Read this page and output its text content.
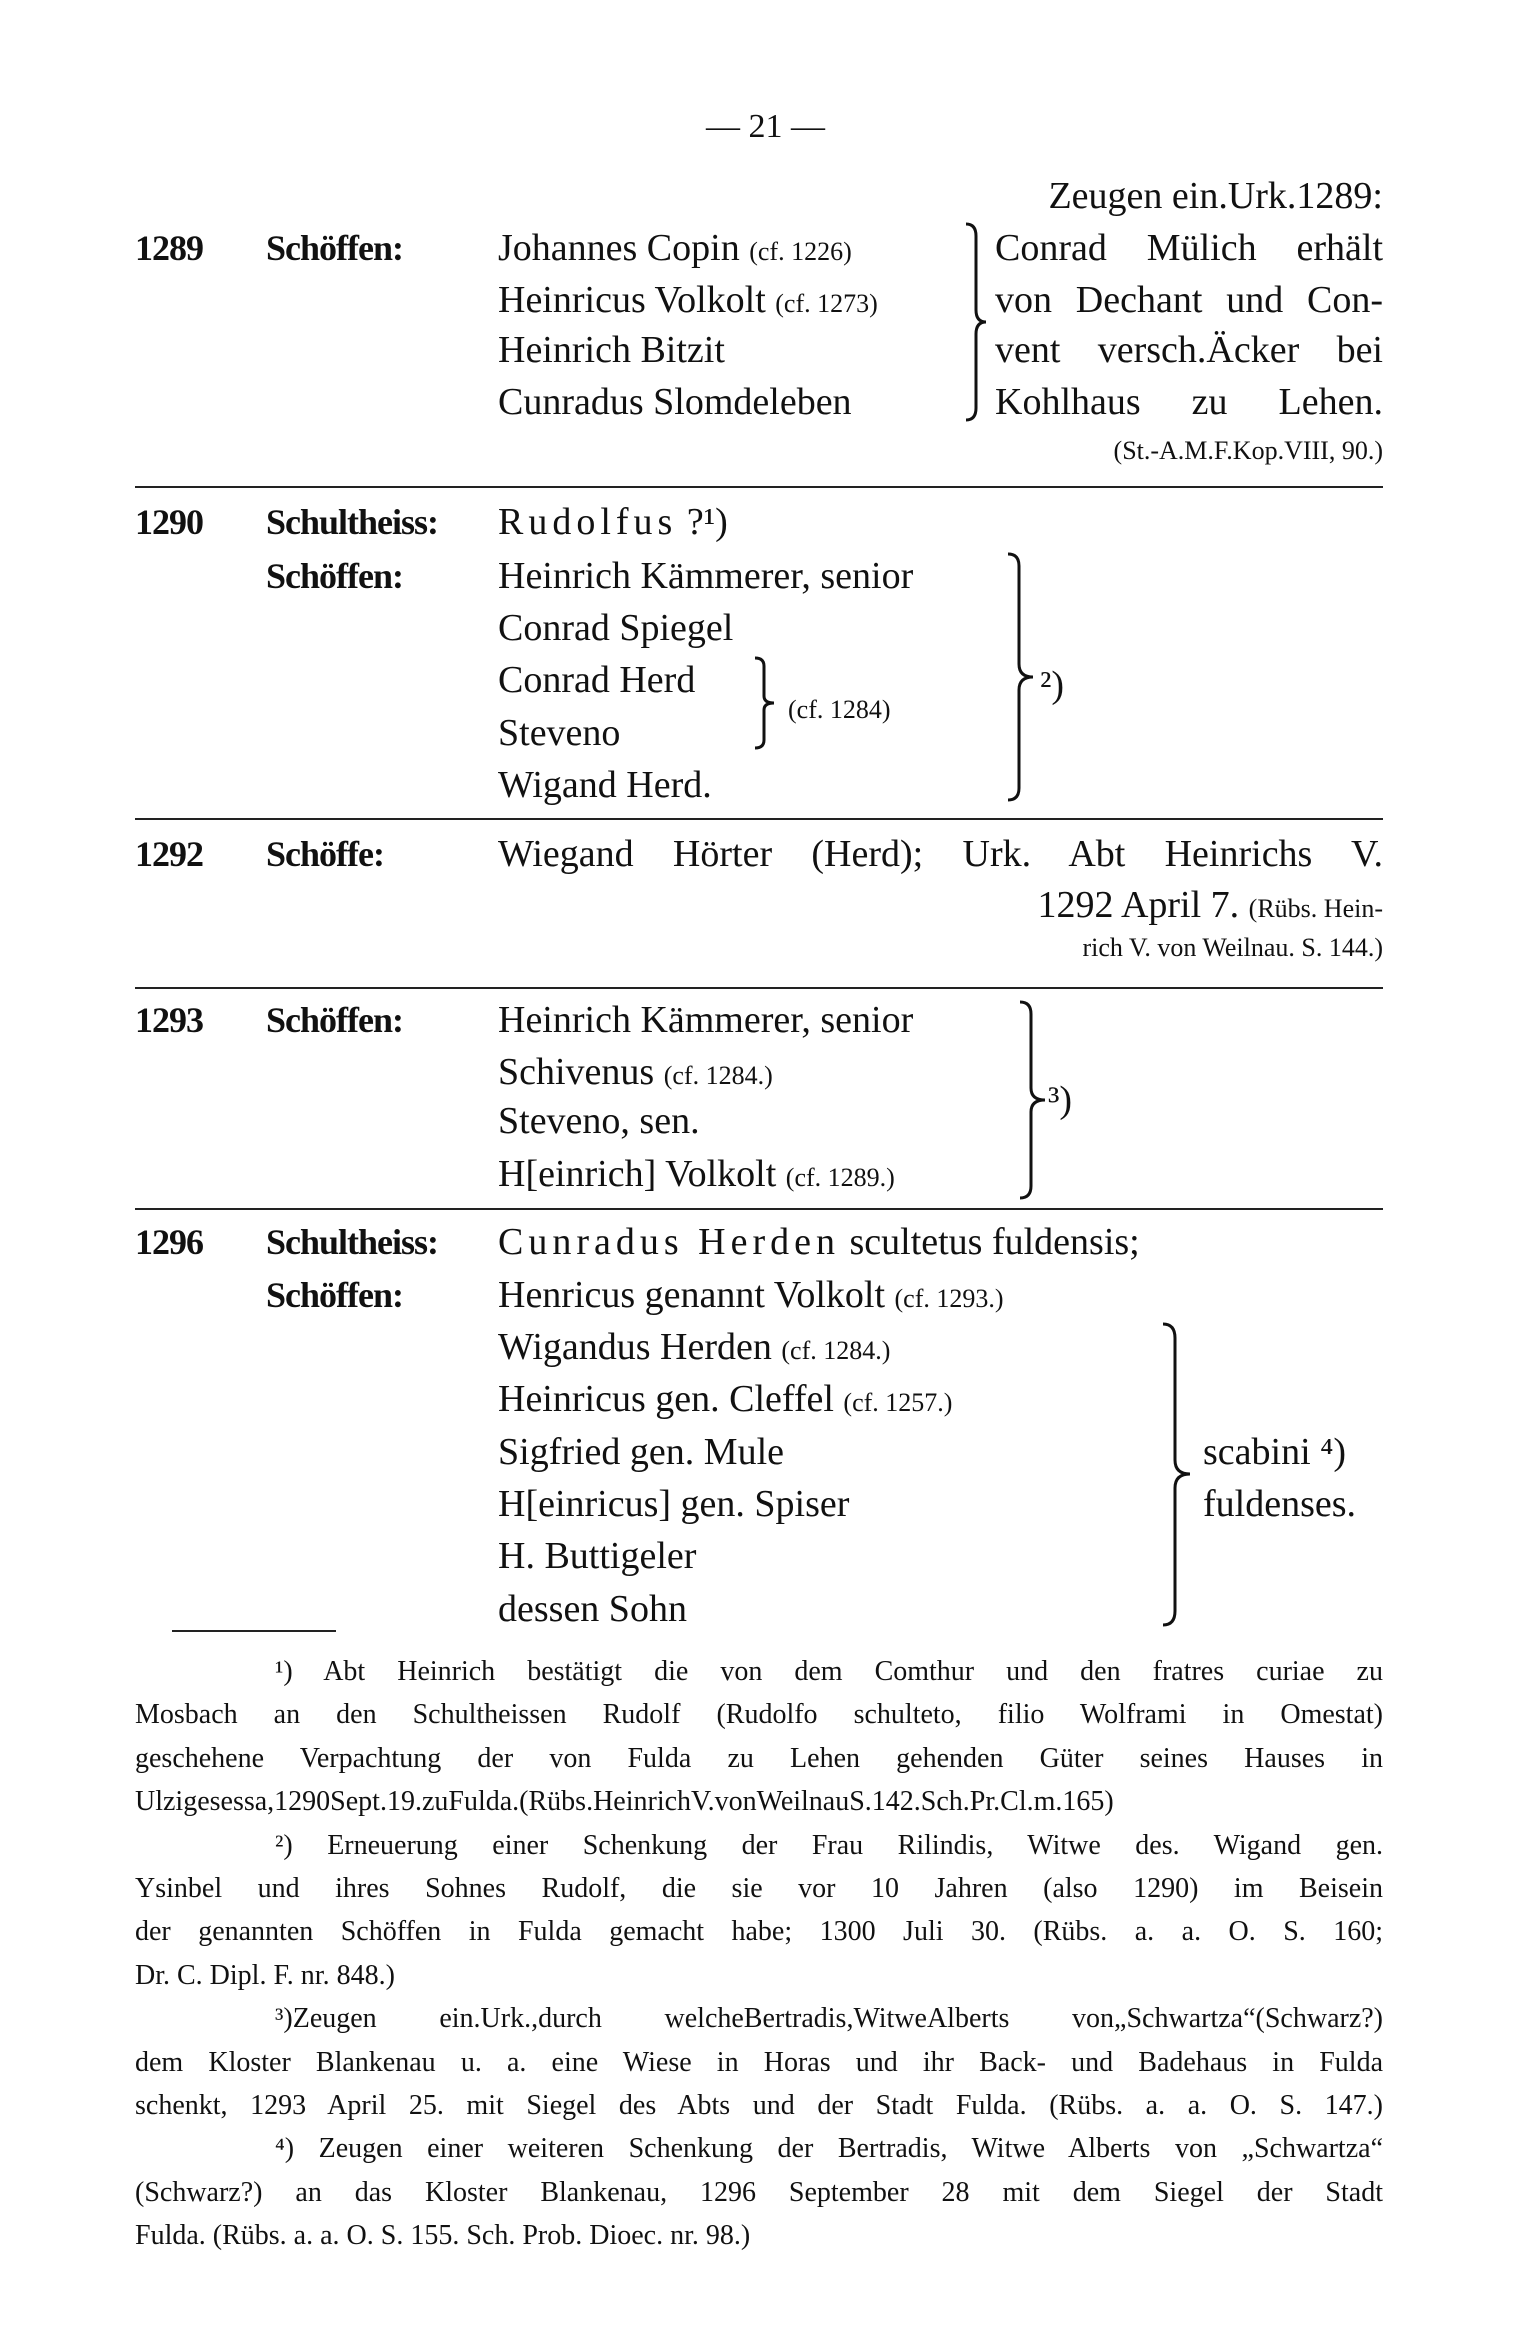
— 21 —
1289 Schöffen:	Johannes Copin (cf. 1226)
Heinricus Volkolt (cf. 1273)
Heinrich Bitzit
Cunradus Slomdeleben
Zeugen ein.Urk.1289:
Conrad Mülich erhält
von Dechant und Con-
vent versch.Äcker bei
Kohlhaus zu Lehen.
(St.-A.M.F.Kop.VIII, 90.)
1290 Schultheiss: Rudolfus ?¹)
Schöffen:	Heinrich Kämmerer, senior
Conrad Spiegel
Conrad Herd
Steveno
Wigand Herd.
(cf. 1284)
²)
1292 Schöffe:	Wiegand Hörter (Herd); Urk. Abt Heinrichs V.
1292 April 7. (Rübs. Hein-
rich V. von Weilnau. S. 144.)
1293 Schöffen:	Heinrich Kämmerer, senior
Schivenus (cf. 1284.)
Steveno, sen.
H[einrich] Volkolt (cf. 1289.)
³)
1296 Schultheiss: Cunradus Herden scultetus fuldensis;
Schöffen:	Henricus genannt Volkolt (cf. 1293.)
Wigandus Herden (cf. 1284.)
Heinricus gen. Cleffel (cf. 1257.)
Sigfried gen. Mule
H[einricus] gen. Spiser
H. Buttigeler
dessen Sohn
scabini ⁴)
fuldenses.
¹) Abt Heinrich bestätigt die von dem Comthur und den fratres curiae zu
Mosbach an den Schultheissen Rudolf (Rudolfo schulteto, filio Wolframi in Omestat)
geschehene Verpachtung der von Fulda zu Lehen gehenden Güter seines Hauses in
Ulzigesessa,1290Sept.19.zuFulda.(Rübs.HeinrichV.vonWeilnauS.142.Sch.Pr.Cl.m.165)
²) Erneuerung einer Schenkung der Frau Rilindis, Witwe des. Wigand gen.
Ysinbel und ihres Sohnes Rudolf, die sie vor 10 Jahren (also 1290) im Beisein
der genannten Schöffen in Fulda gemacht habe; 1300 Juli 30. (Rübs. a. a. O. S. 160;
Dr. C. Dipl. F. nr. 848.)
³)Zeugen ein.Urk.,durch welcheBertradis,WitweAlberts von„Schwartza“(Schwarz?)
dem Kloster Blankenau u. a. eine Wiese in Horas und ihr Back- und Badehaus in Fulda
schenkt, 1293 April 25. mit Siegel des Abts und der Stadt Fulda. (Rübs. a. a. O. S. 147.)
⁴) Zeugen einer weiteren Schenkung der Bertradis, Witwe Alberts von „Schwartza“
(Schwarz?) an das Kloster Blankenau, 1296 September 28 mit dem Siegel der Stadt
Fulda. (Rübs. a. a. O. S. 155. Sch. Prob. Dioec. nr. 98.)
